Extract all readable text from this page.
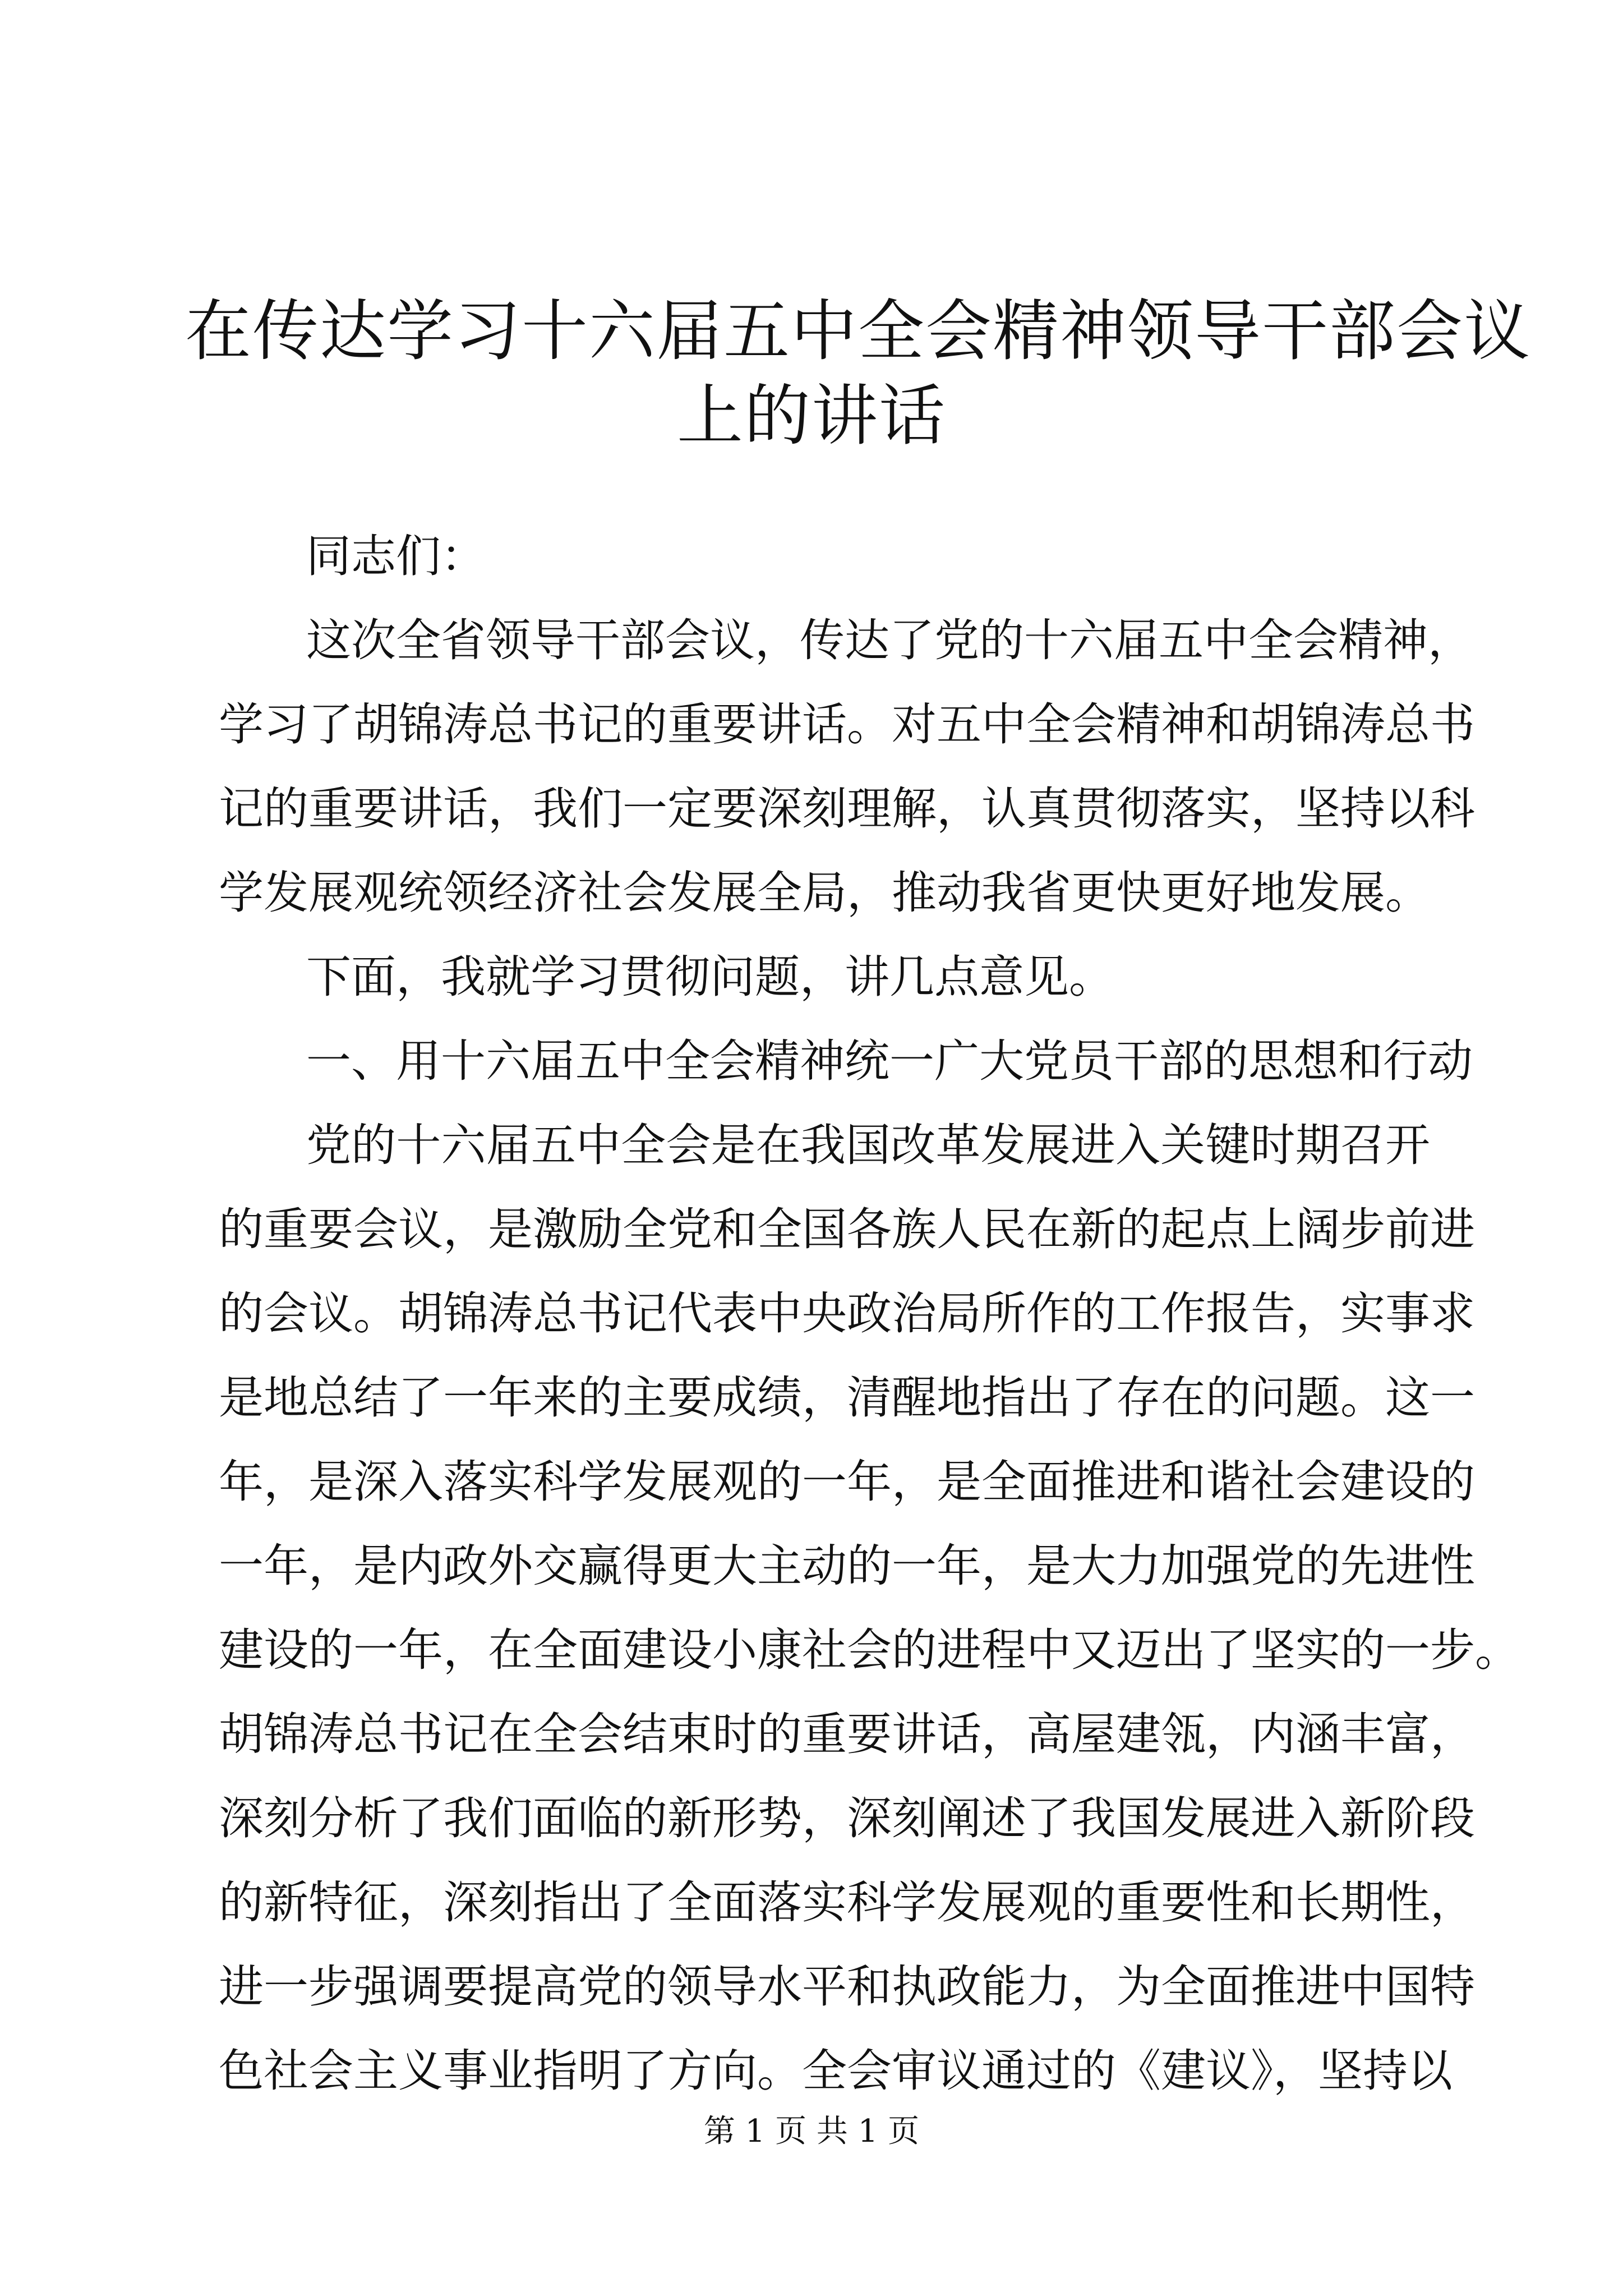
在传达学习十六届五中全会精神领导干部会议
上的讲话
同志们：
这次全省领导干部会议，传达了党的十六届五中全会精神，
学习了胡锦涛总书记的重要讲话。对五中全会精神和胡锦涛总书
记的重要讲话，我们一定要深刻理解，认真贯彻落实，坚持以科
学发展观统领经济社会发展全局，推动我省更快更好地发展。
下面，我就学习贯彻问题，讲几点意见。
一、用十六届五中全会精神统一广大党员干部的思想和行动
党的十六届五中全会是在我国改革发展进入关键时期召开
的重要会议，是激励全党和全国各族人民在新的起点上阔步前进
的会议。胡锦涛总书记代表中央政治局所作的工作报告，实事求
是地总结了一年来的主要成绩，清醒地指出了存在的问题。这一
年，是深入落实科学发展观的一年，是全面推进和谐社会建设的
一年，是内政外交赢得更大主动的一年，是大力加强党的先进性
建设的一年，在全面建设小康社会的进程中又迈出了坚实的一步。
胡锦涛总书记在全会结束时的重要讲话，高屋建瓴，内涵丰富，
深刻分析了我们面临的新形势，深刻阐述了我国发展进入新阶段
的新特征，深刻指出了全面落实科学发展观的重要性和长期性，
进一步强调要提高党的领导水平和执政能力，为全面推进中国特
色社会主义事业指明了方向。全会审议通过的《建议》，坚持以
第 1 页 共 1 页
